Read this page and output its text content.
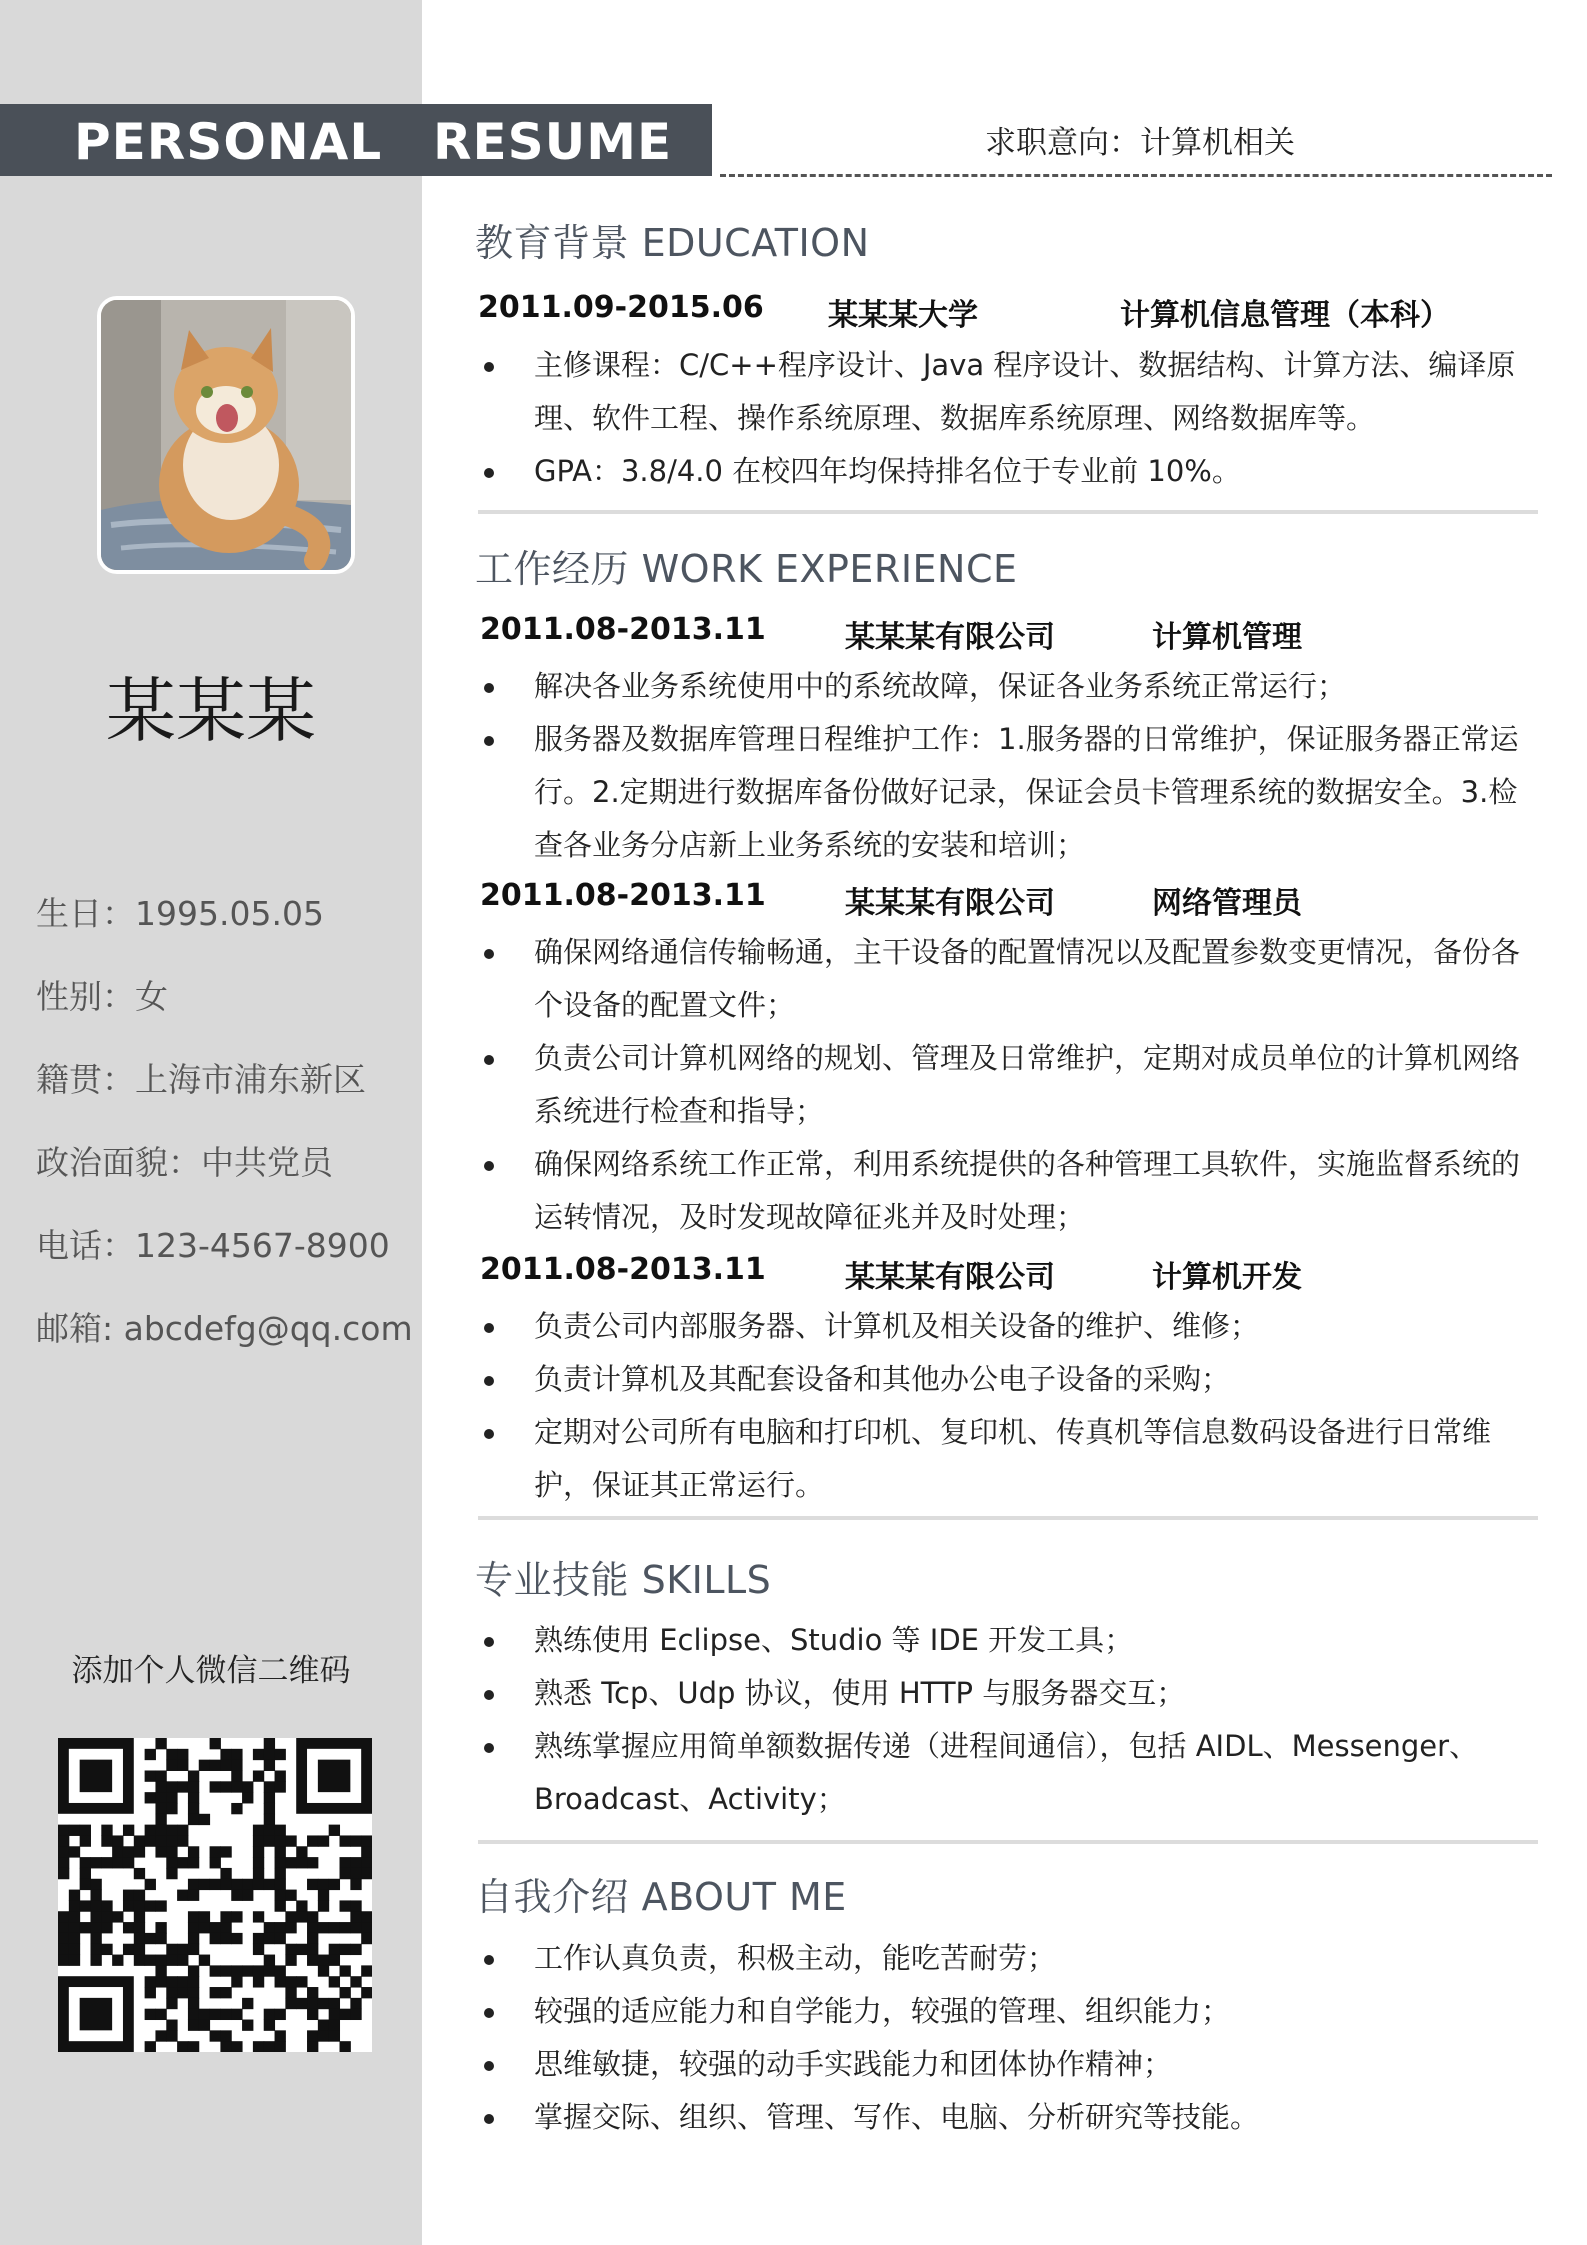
PERSONAL RESUME	求职意向：计算机相关
某某某
生日：1995.05.05
性别：女
籍贯：上海市浦东新区
政治面貌：中共党员
电话：123-4567-8900
邮箱: abcdefg@qq.com
添加个人微信二维码
教育背景 EDUCATION
2011.09-2015.06 某某某大学	计算机信息管理（本科）
主修课程：C/C++程序设计、Java 程序设计、数据结构、计算方法、编译原理、软件工程、操作系统原理、数据库系统原理、网络数据库等。
GPA：3.8/4.0 在校四年均保持排名位于专业前 10%。
工作经历 WORK EXPERIENCE
2011.08-2013.11	某某某有限公司	计算机管理
解决各业务系统使用中的系统故障，保证各业务系统正常运行；
服务器及数据库管理日程维护工作：1.服务器的日常维护，保证服务器正常运行。2.定期进行数据库备份做好记录，保证会员卡管理系统的数据安全。3.检查各业务分店新上业务系统的安装和培训；
2011.08-2013.11	某某某有限公司	网络管理员
确保网络通信传输畅通，主干设备的配置情况以及配置参数变更情况，备份各个设备的配置文件；
负责公司计算机网络的规划、管理及日常维护，定期对成员单位的计算机网络系统进行检查和指导；
确保网络系统工作正常，利用系统提供的各种管理工具软件，实施监督系统的运转情况，及时发现故障征兆并及时处理；
2011.08-2013.11	某某某有限公司	计算机开发
负责公司内部服务器、计算机及相关设备的维护、维修；
负责计算机及其配套设备和其他办公电子设备的采购；
定期对公司所有电脑和打印机、复印机、传真机等信息数码设备进行日常维护，保证其正常运行。
专业技能 SKILLS
熟练使用 Eclipse、Studio 等 IDE 开发工具；
熟悉 Tcp、Udp 协议，使用 HTTP 与服务器交互；
熟练掌握应用简单额数据传递（进程间通信），包括 AIDL、Messenger、Broadcast、Activity；
自我介绍 ABOUT ME
工作认真负责，积极主动，能吃苦耐劳；
较强的适应能力和自学能力，较强的管理、组织能力；
思维敏捷，较强的动手实践能力和团体协作精神；
掌握交际、组织、管理、写作、电脑、分析研究等技能。
